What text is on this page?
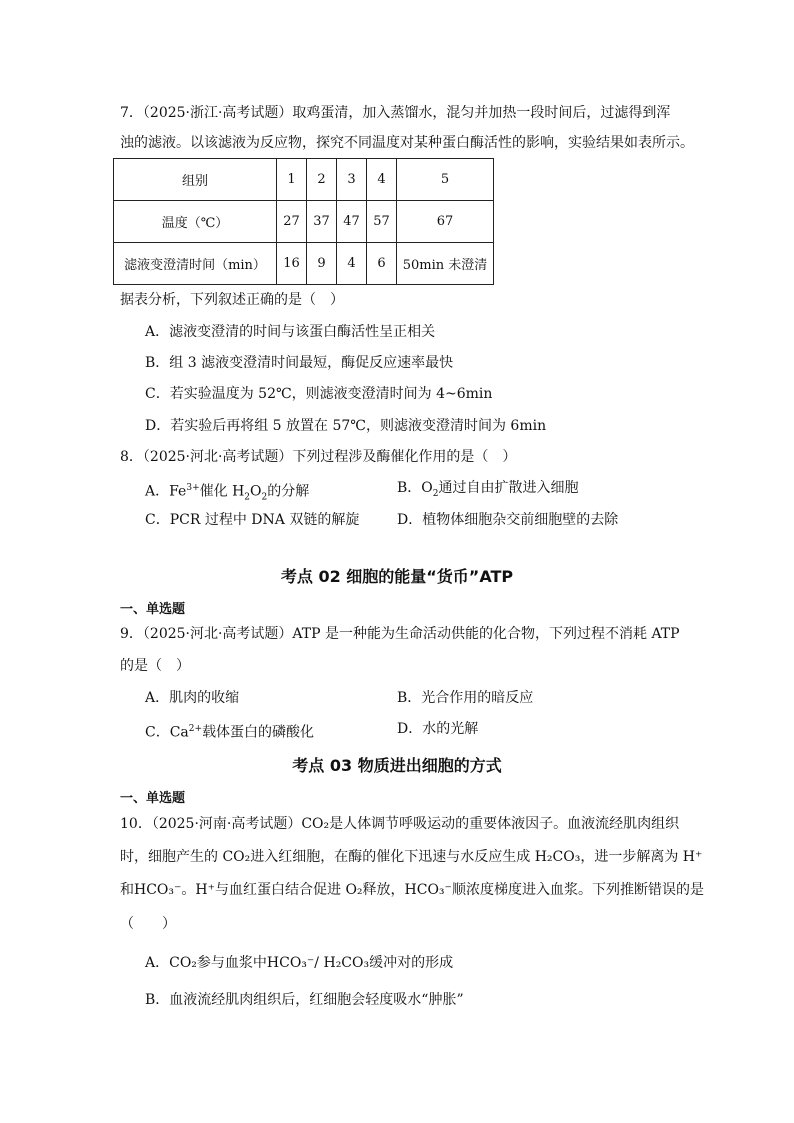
7．（2025·浙江·高考试题）取鸡蛋清，加入蒸馏水，混匀并加热一段时间后，过滤得到浑
浊的滤液。以该滤液为反应物，探究不同温度对某种蛋白酶活性的影响，实验结果如表所示。
组别	1	2	3	4	5
温度（℃）	27	37	47	57	67
滤液变澄清时间（min）	16	9	4	6	50min 未澄清
据表分析，下列叙述正确的是（　）
A．滤液变澄清的时间与该蛋白酶活性呈正相关
B．组 3 滤液变澄清时间最短，酶促反应速率最快
C．若实验温度为 52℃，则滤液变澄清时间为 4~6min
D．若实验后再将组 5 放置在 57℃，则滤液变澄清时间为 6min
8．（2025·河北·高考试题）下列过程涉及酶催化作用的是（　）
A．$Fe^{3+}$催化 $H_2O_2$的分解	B．$O_2$通过自由扩散进入细胞
C．PCR 过程中 DNA 双链的解旋	D．植物体细胞杂交前细胞壁的去除
考点 02 细胞的能量“货币”ATP
一、单选题
9．（2025·河北·高考试题）ATP 是一种能为生命活动供能的化合物，下列过程不消耗 ATP
的是（　）
A．肌肉的收缩	B．光合作用的暗反应
C．$Ca^{2+}$载体蛋白的磷酸化	D．水的光解
考点 03 物质进出细胞的方式
一、单选题
10．（2025·河南·高考试题）CO₂是人体调节呼吸运动的重要体液因子。血液流经肌肉组织
时，细胞产生的 CO₂进入红细胞，在酶的催化下迅速与水反应生成 H₂CO₃，进一步解离为 H⁺
和HCO₃⁻。H⁺与血红蛋白结合促进 O₂释放，HCO₃⁻顺浓度梯度进入血浆。下列推断错误的是
（　　）
A．CO₂参与血浆中HCO₃⁻/ H₂CO₃缓冲对的形成
B．血液流经肌肉组织后，红细胞会轻度吸水“肿胀”
